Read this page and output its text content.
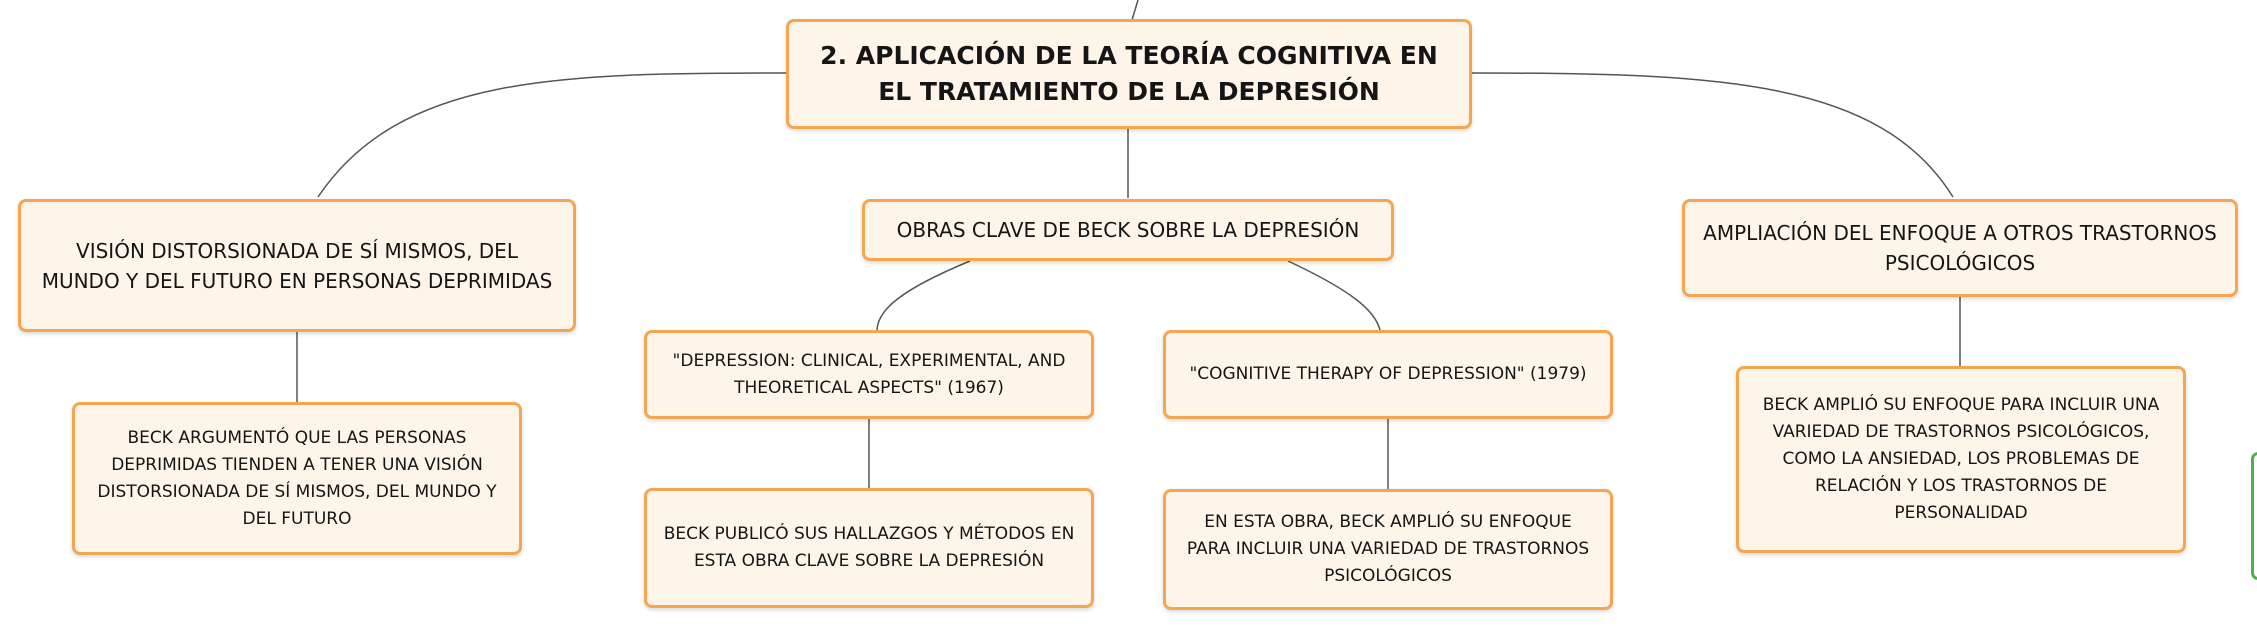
2. APLICACIÓN DE LA TEORÍA COGNITIVA EN EL TRATAMIENTO DE LA DEPRESIÓN
VISIÓN DISTORSIONADA DE SÍ MISMOS, DEL MUNDO Y DEL FUTURO EN PERSONAS DEPRIMIDAS
BECK ARGUMENTÓ QUE LAS PERSONAS DEPRIMIDAS TIENDEN A TENER UNA VISIÓN DISTORSIONADA DE SÍ MISMOS, DEL MUNDO Y DEL FUTURO
OBRAS CLAVE DE BECK SOBRE LA DEPRESIÓN
"DEPRESSION: CLINICAL, EXPERIMENTAL, AND THEORETICAL ASPECTS" (1967)
BECK PUBLICÓ SUS HALLAZGOS Y MÉTODOS EN ESTA OBRA CLAVE SOBRE LA DEPRESIÓN
"COGNITIVE THERAPY OF DEPRESSION" (1979)
EN ESTA OBRA, BECK AMPLIÓ SU ENFOQUE PARA INCLUIR UNA VARIEDAD DE TRASTORNOS PSICOLÓGICOS
AMPLIACIÓN DEL ENFOQUE A OTROS TRASTORNOS PSICOLÓGICOS
BECK AMPLIÓ SU ENFOQUE PARA INCLUIR UNA VARIEDAD DE TRASTORNOS PSICOLÓGICOS, COMO LA ANSIEDAD, LOS PROBLEMAS DE RELACIÓN Y LOS TRASTORNOS DE PERSONALIDAD
